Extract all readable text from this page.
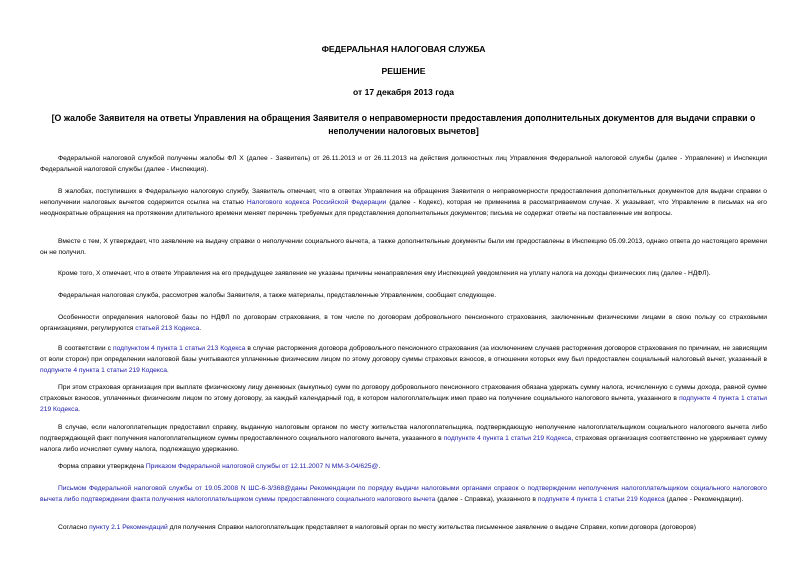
ФЕДЕРАЛЬНАЯ НАЛОГОВАЯ СЛУЖБА
РЕШЕНИЕ
от 17 декабря 2013 года
[О жалобе Заявителя на ответы Управления на обращения Заявителя о неправомерности предоставления дополнительных документов для выдачи справки о неполучении налоговых вычетов]

Федеральной налоговой службой получены жалобы ФЛ Х (далее - Заявитель) от 26.11.2013 и от 26.11.2013 на действия должностных лиц Управления Федеральной налоговой службы (далее - Управление) и Инспекции Федеральной налоговой службы (далее - Инспекция).

В жалобах, поступивших в Федеральную налоговую службу, Заявитель отмечает, что в ответах Управления на обращения Заявителя о неправомерности предоставления дополнительных документов для выдачи справки о неполучении налоговых вычетов содержится ссылка на статью Налогового кодекса Российской Федерации (далее - Кодекс), которая не применима в рассматриваемом случае. Х указывает, что Управление в письмах на его неоднократные обращения на протяжении длительного времени меняет перечень требуемых для представления дополнительных документов; письма не содержат ответы на поставленные им вопросы.

Вместе с тем, Х утверждает, что заявление на выдачу справки о неполучении социального вычета, а также дополнительные документы были им предоставлены в Инспекцию 05.09.2013, однако ответа до настоящего времени он не получил.

Кроме того, Х отмечает, что в ответе Управления на его предыдущее заявление не указаны причины ненаправления ему Инспекцией уведомления на уплату налога на доходы физических лиц (далее - НДФЛ).

Федеральная налоговая служба, рассмотрев жалобы Заявителя, а также материалы, представленные Управлением, сообщает следующее.

Особенности определения налоговой базы по НДФЛ по договорам страхования, в том числе по договорам добровольного пенсионного страхования, заключенным физическими лицами в свою пользу со страховыми организациями, регулируются статьей 213 Кодекса.

В соответствии с подпунктом 4 пункта 1 статьи 213 Кодекса в случае расторжения договора добровольного пенсионного страхования (за исключением случаев расторжения договоров страхования по причинам, не зависящим от воли сторон) при определении налоговой базы учитываются уплаченные физическим лицом по этому договору суммы страховых взносов, в отношении которых ему был предоставлен социальный налоговый вычет, указанный в подпункте 4 пункта 1 статьи 219 Кодекса.

При этом страховая организация при выплате физическому лицу денежных (выкупных) сумм по договору добровольного пенсионного страхования обязана удержать сумму налога, исчисленную с суммы дохода, равной сумме страховых взносов, уплаченных физическим лицом по этому договору, за каждый календарный год, в котором налогоплательщик имел право на получение социального налогового вычета, указанного в подпункте 4 пункта 1 статьи 219 Кодекса.

В случае, если налогоплательщик предоставил справку, выданную налоговым органом по месту жительства налогоплательщика, подтверждающую неполучение налогоплательщиком социального налогового вычета либо подтверждающей факт получения налогоплательщиком суммы предоставленного социального налогового вычета, указанного в подпункте 4 пункта 1 статьи 219 Кодекса, страховая организация соответственно не удерживает сумму налога либо исчисляет сумму налога, подлежащую удержанию.

Форма справки утверждена Приказом Федеральной налоговой службы от 12.11.2007 N ММ-3-04/625@.

Письмом Федеральной налоговой службы от 19.05.2008 N ШС-6-3/368@даны Рекомендации по порядку выдачи налоговыми органами справок о подтверждении неполучения налогоплательщиком социального налогового вычета либо подтверждении факта получения налогоплательщиком суммы предоставленного социального налогового вычета (далее - Справка), указанного в подпункте 4 пункта 1 статьи 219 Кодекса (далее - Рекомендации).

Согласно пункту 2.1 Рекомендаций для получения Справки налогоплательщик представляет в налоговый орган по месту жительства письменное заявление о выдаче Справки, копии договора (договоров)
